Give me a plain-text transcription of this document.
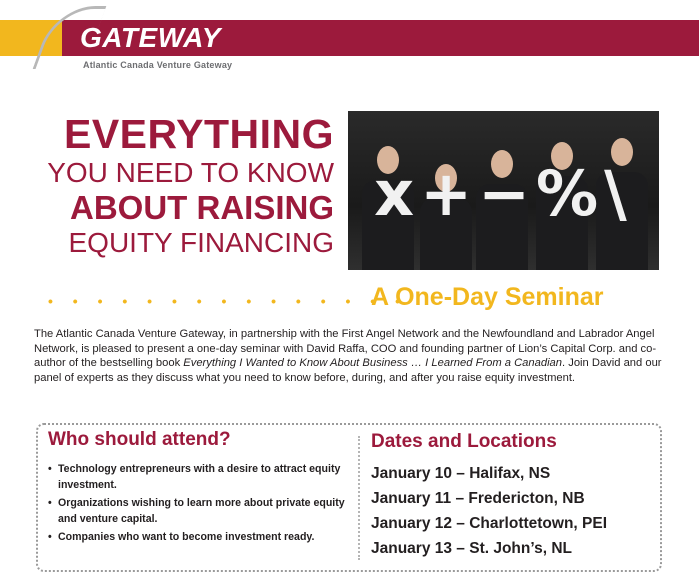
GATEWAY
Atlantic Canada Venture Gateway
EVERYTHING
YOU NEED TO KNOW
ABOUT RAISING
EQUITY FINANCING
x+−%\
• • • • • • • • • • • • • • •
A One-Day Seminar

The Atlantic Canada Venture Gateway, in partnership with the First Angel Network and the Newfoundland and Labrador Angel Network, is pleased to present a one-day seminar with David Raffa, COO and founding partner of Lion’s Capital Corp. and co-author of the bestselling book Everything I Wanted to Know About Business … I Learned From a Canadian. Join David and our panel of experts as they discuss what you need to know before, during, and after you raise equity investment.

Who should attend?
• Technology entrepreneurs with a desire to attract equity investment.
• Organizations wishing to learn more about private equity and venture capital.
• Companies who want to become investment ready.
Dates and Locations
January 10 – Halifax, NS
January 11 – Fredericton, NB
January 12 – Charlottetown, PEI
January 13 – St. John’s, NL
